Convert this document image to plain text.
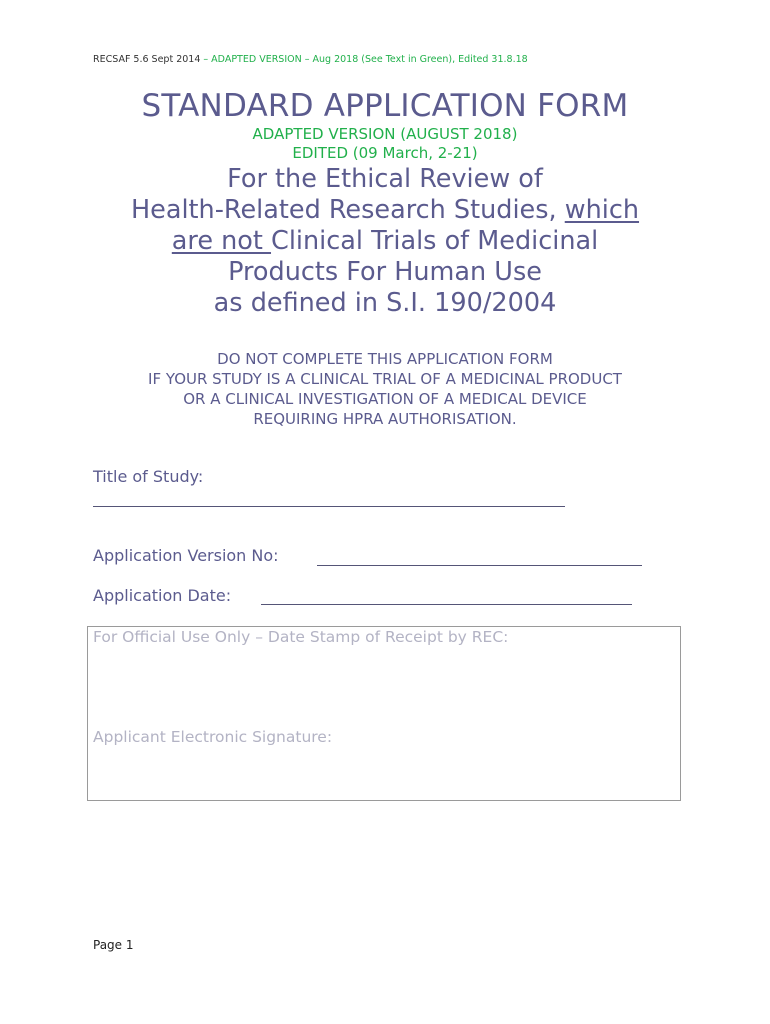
RECSAF 5.6 Sept 2014 – ADAPTED VERSION – Aug 2018 (See Text in Green), Edited 31.8.18
STANDARD APPLICATION FORM
ADAPTED VERSION (AUGUST 2018)
EDITED (09 March, 2-21)
For the Ethical Review of
Health-Related Research Studies, which
are not Clinical Trials of Medicinal
Products For Human Use
as defined in S.I. 190/2004
DO NOT COMPLETE THIS APPLICATION FORM
IF YOUR STUDY IS A CLINICAL TRIAL OF A MEDICINAL PRODUCT
OR A CLINICAL INVESTIGATION OF A MEDICAL DEVICE
REQUIRING HPRA AUTHORISATION.
Title of Study:
Application Version No:
Application Date:
For Official Use Only – Date Stamp of Receipt by REC:
Applicant Electronic Signature:
Page 1
